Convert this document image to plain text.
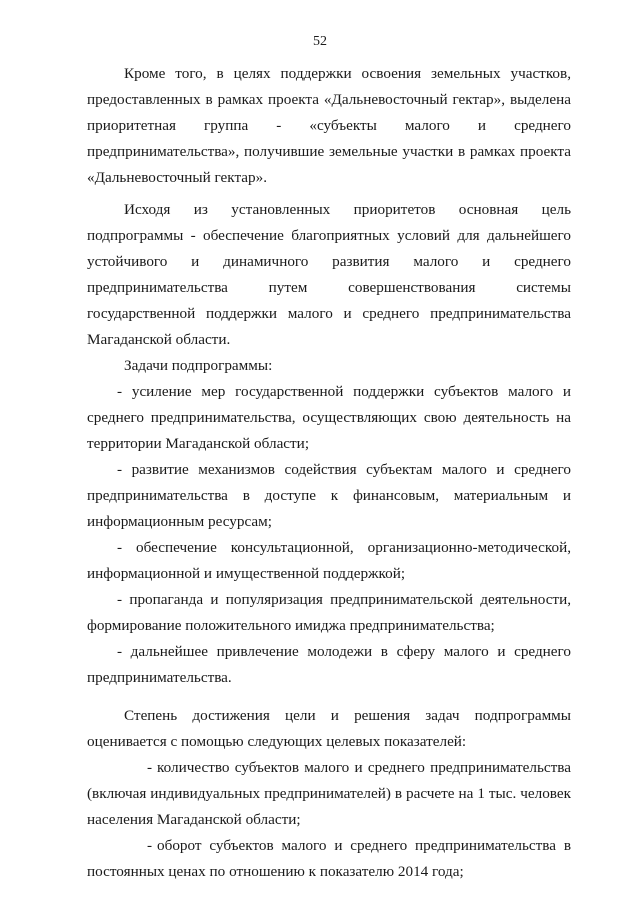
52

Кроме того, в целях поддержки освоения земельных участков, предоставленных в рамках проекта «Дальневосточный гектар», выделена приоритетная группа - «субъекты малого и среднего предпринимательства», получившие земельные участки в рамках проекта «Дальневосточный гектар».

Исходя из установленных приоритетов основная цель подпрограммы - обеспечение благоприятных условий для дальнейшего устойчивого и динамичного развития малого и среднего предпринимательства путем совершенствования системы государственной поддержки малого и среднего предпринимательства Магаданской области.

Задачи подпрограммы:

- усиление мер государственной поддержки субъектов малого и среднего предпринимательства, осуществляющих свою деятельность на территории Магаданской области;

- развитие механизмов содействия субъектам малого и среднего предпринимательства в доступе к финансовым, материальным и информационным ресурсам;

- обеспечение консультационной, организационно-методической, информационной и имущественной поддержкой;

- пропаганда и популяризация предпринимательской деятельности, формирование положительного имиджа предпринимательства;

- дальнейшее привлечение молодежи в сферу малого и среднего предпринимательства.

Степень достижения цели и решения задач подпрограммы оценивается с помощью следующих целевых показателей:

- количество субъектов малого и среднего предпринимательства (включая индивидуальных предпринимателей) в расчете на 1 тыс. человек населения Магаданской области;

- оборот субъектов малого и среднего предпринимательства в постоянных ценах по отношению к показателю 2014 года;
